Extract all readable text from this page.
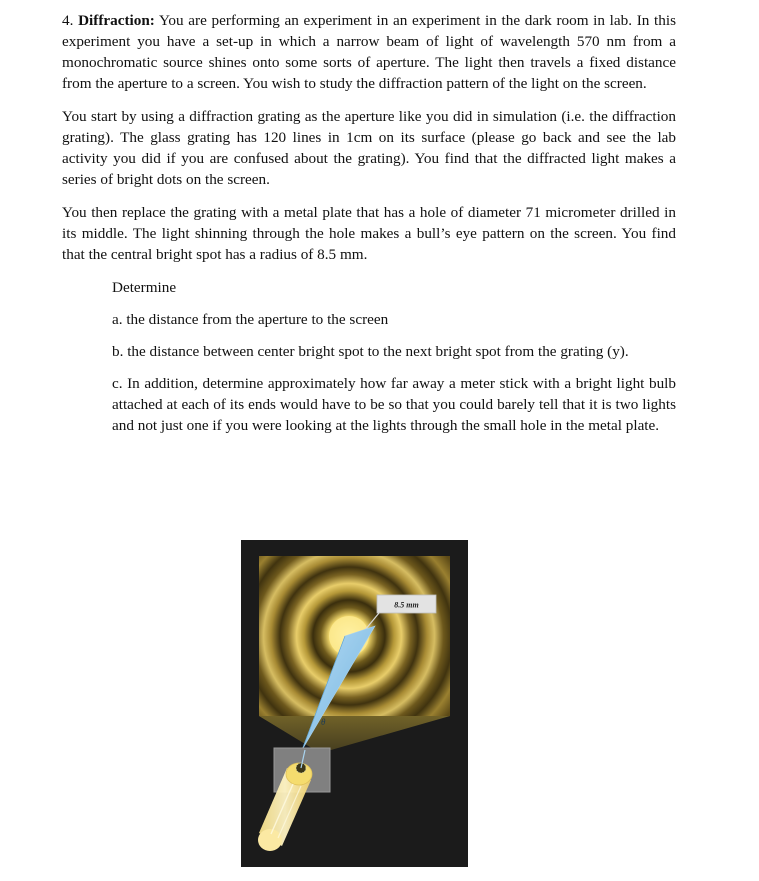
4. Diffraction: You are performing an experiment in an experiment in the dark room in lab. In this experiment you have a set-up in which a narrow beam of light of wavelength 570 nm from a monochromatic source shines onto some sorts of aperture. The light then travels a fixed distance from the aperture to a screen. You wish to study the diffraction pattern of the light on the screen.

You start by using a diffraction grating as the aperture like you did in simulation (i.e. the diffraction grating). The glass grating has 120 lines in 1cm on its surface (please go back and see the lab activity you did if you are confused about the grating). You find that the diffracted light makes a series of bright dots on the screen.

You then replace the grating with a metal plate that has a hole of diameter 71 micrometer drilled in its middle. The light shinning through the hole makes a bull’s eye pattern on the screen. You find that the central bright spot has a radius of 8.5 mm.

Determine

a. the distance from the aperture to the screen

b. the distance between center bright spot to the next bright spot from the grating (y).

c. In addition, determine approximately how far away a meter stick with a bright light bulb attached at each of its ends would have to be so that you could barely tell that it is two lights and not just one if you were looking at the lights through the small hole in the metal plate.

8.5 mm
θ
